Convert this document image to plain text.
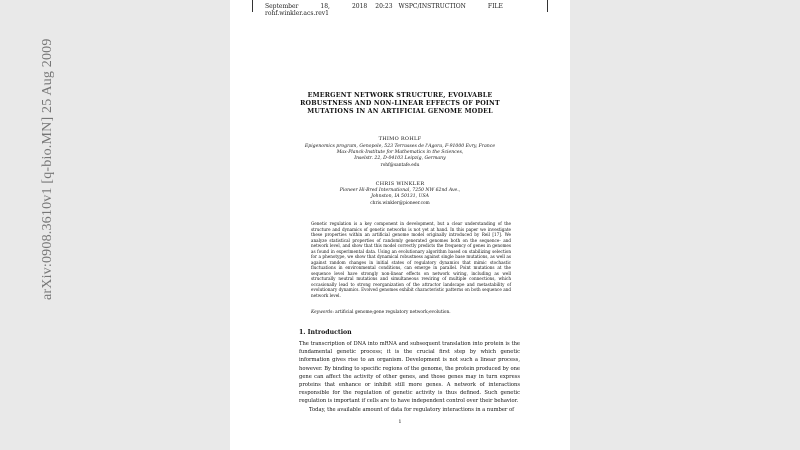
arXiv:0908.3610v1 [q-bio.MN] 25 Aug 2009
September	18,	2018 20:23 WSPC/INSTRUCTION	FILE
rohf.winkler.acs.rev1
EMERGENT NETWORK STRUCTURE, EVOLVABLE ROBUSTNESS AND NON-LINEAR EFFECTS OF POINT MUTATIONS IN AN ARTIFICIAL GENOME MODEL
THIMO ROHLF
Epigenomics program, Genopole, 523 Terrasses de l'Agora, F-91000 Evry, France
Max-Planck-Institute for Mathematics in the Sciences,
Inselstr. 22, D-04103 Leipzig, Germany
rohf@santafe.edu
CHRIS WINKLER
Pioneer Hi-Bred International, 7250 NW 62nd Ave.,
Johnston, IA 50131, USA
chris.winkler@pioneer.com

Genetic regulation is a key component in development, but a clear understanding of the structure and dynamics of genetic networks is not yet at hand. In this paper we investigate these properties within an artificial genome model originally introduced by Reil [17]. We analyze statistical properties of randomly generated genomes both on the sequence- and network level, and show that this model correctly predicts the frequency of genes in genomes as found in experimental data. Using an evolutionary algorithm based on stabilizing selection for a phenotype, we show that dynamical robustness against single base mutations, as well as against random changes in initial states of regulatory dynamics that mimic stochastic fluctuations in environmental conditions, can emerge in parallel. Point mutations at the sequence level have strongly non-linear effects on network wiring, including as well structurally neutral mutations and simultaneous rewiring of multiple connections, which occasionally lead to strong reorganization of the attractor landscape and metastability of evolutionary dynamics. Evolved genomes exhibit characteristic patterns on both sequence and network level.

Keywords: artificial genome;gene regulatory network;evolution.
1. Introduction

The transcription of DNA into mRNA and subsequent translation into protein is the fundamental genetic process; it is the crucial first step by which genetic information gives rise to an organism. Development is not such a linear process, however. By binding to specific regions of the genome, the protein produced by one gene can affect the activity of other genes, and those genes may in turn express proteins that enhance or inhibit still more genes. A network of interactions responsible for the regulation of genetic activity is thus defined. Such genetic regulation is important if cells are to have independent control over their behavior.
Today, the available amount of data for regulatory interactions in a number of

1
